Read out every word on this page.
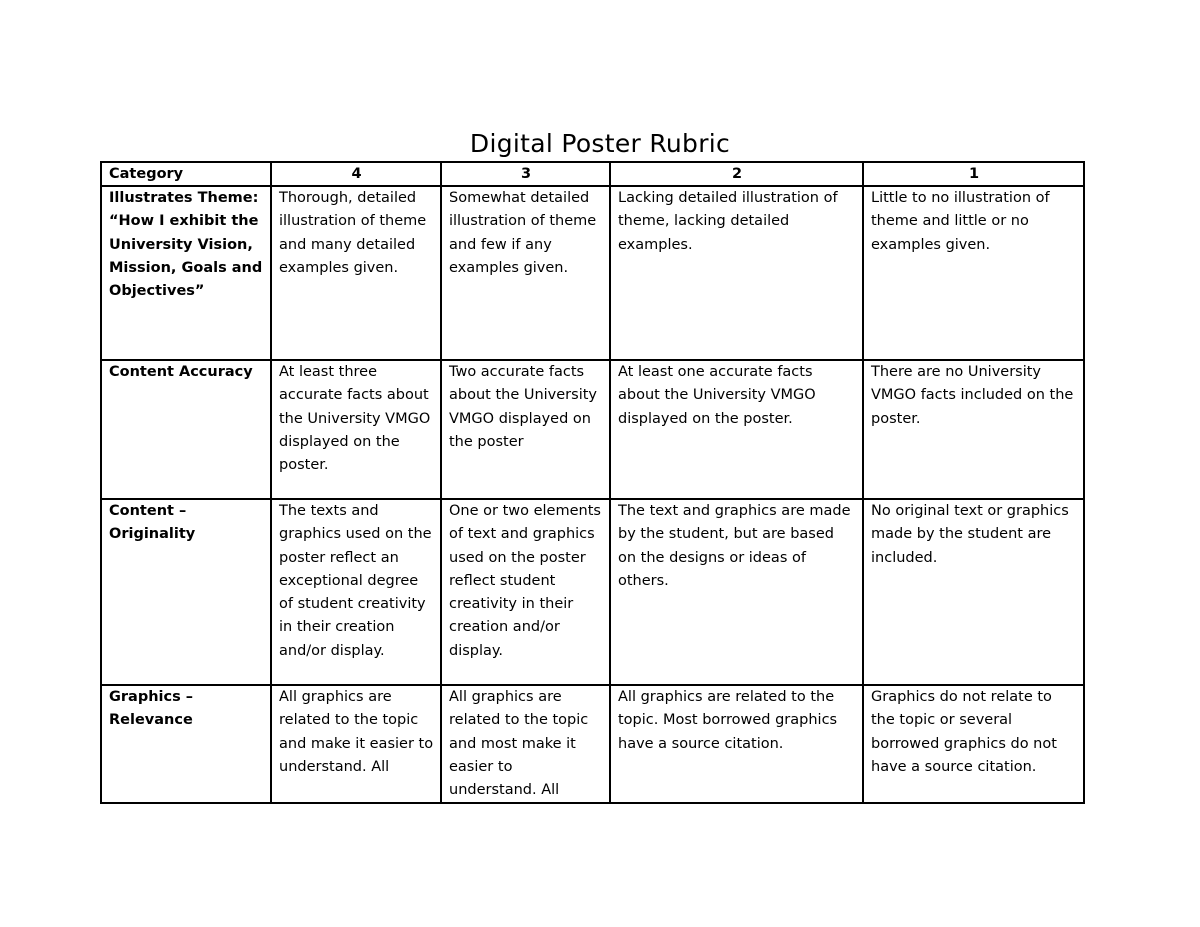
Digital Poster Rubric
Category	4	3	2	1
Illustrates Theme: “How I exhibit the University Vision, Mission, Goals and Objectives”	Thorough, detailed illustration of theme and many detailed examples given.	Somewhat detailed illustration of theme and few if any examples given.	Lacking detailed illustration of theme, lacking detailed examples.	Little to no illustration of theme and little or no examples given.
Content Accuracy	At least three accurate facts about the University VMGO displayed on the poster.	Two accurate facts about the University VMGO displayed on the poster	At least one accurate facts about the University VMGO displayed on the poster.	There are no University VMGO facts included on the poster.
Content – Originality	The texts and graphics used on the poster reflect an exceptional degree of student creativity in their creation and/or display.	One or two elements of text and graphics used on the poster reflect student creativity in their creation and/or display.	The text and graphics are made by the student, but are based on the designs or ideas of others.	No original text or graphics made by the student are included.
Graphics – Relevance	All graphics are related to the topic and make it easier to understand. All	All graphics are related to the topic and most make it easier to understand. All	All graphics are related to the topic. Most borrowed graphics have a source citation.	Graphics do not relate to the topic or several borrowed graphics do not have a source citation.
